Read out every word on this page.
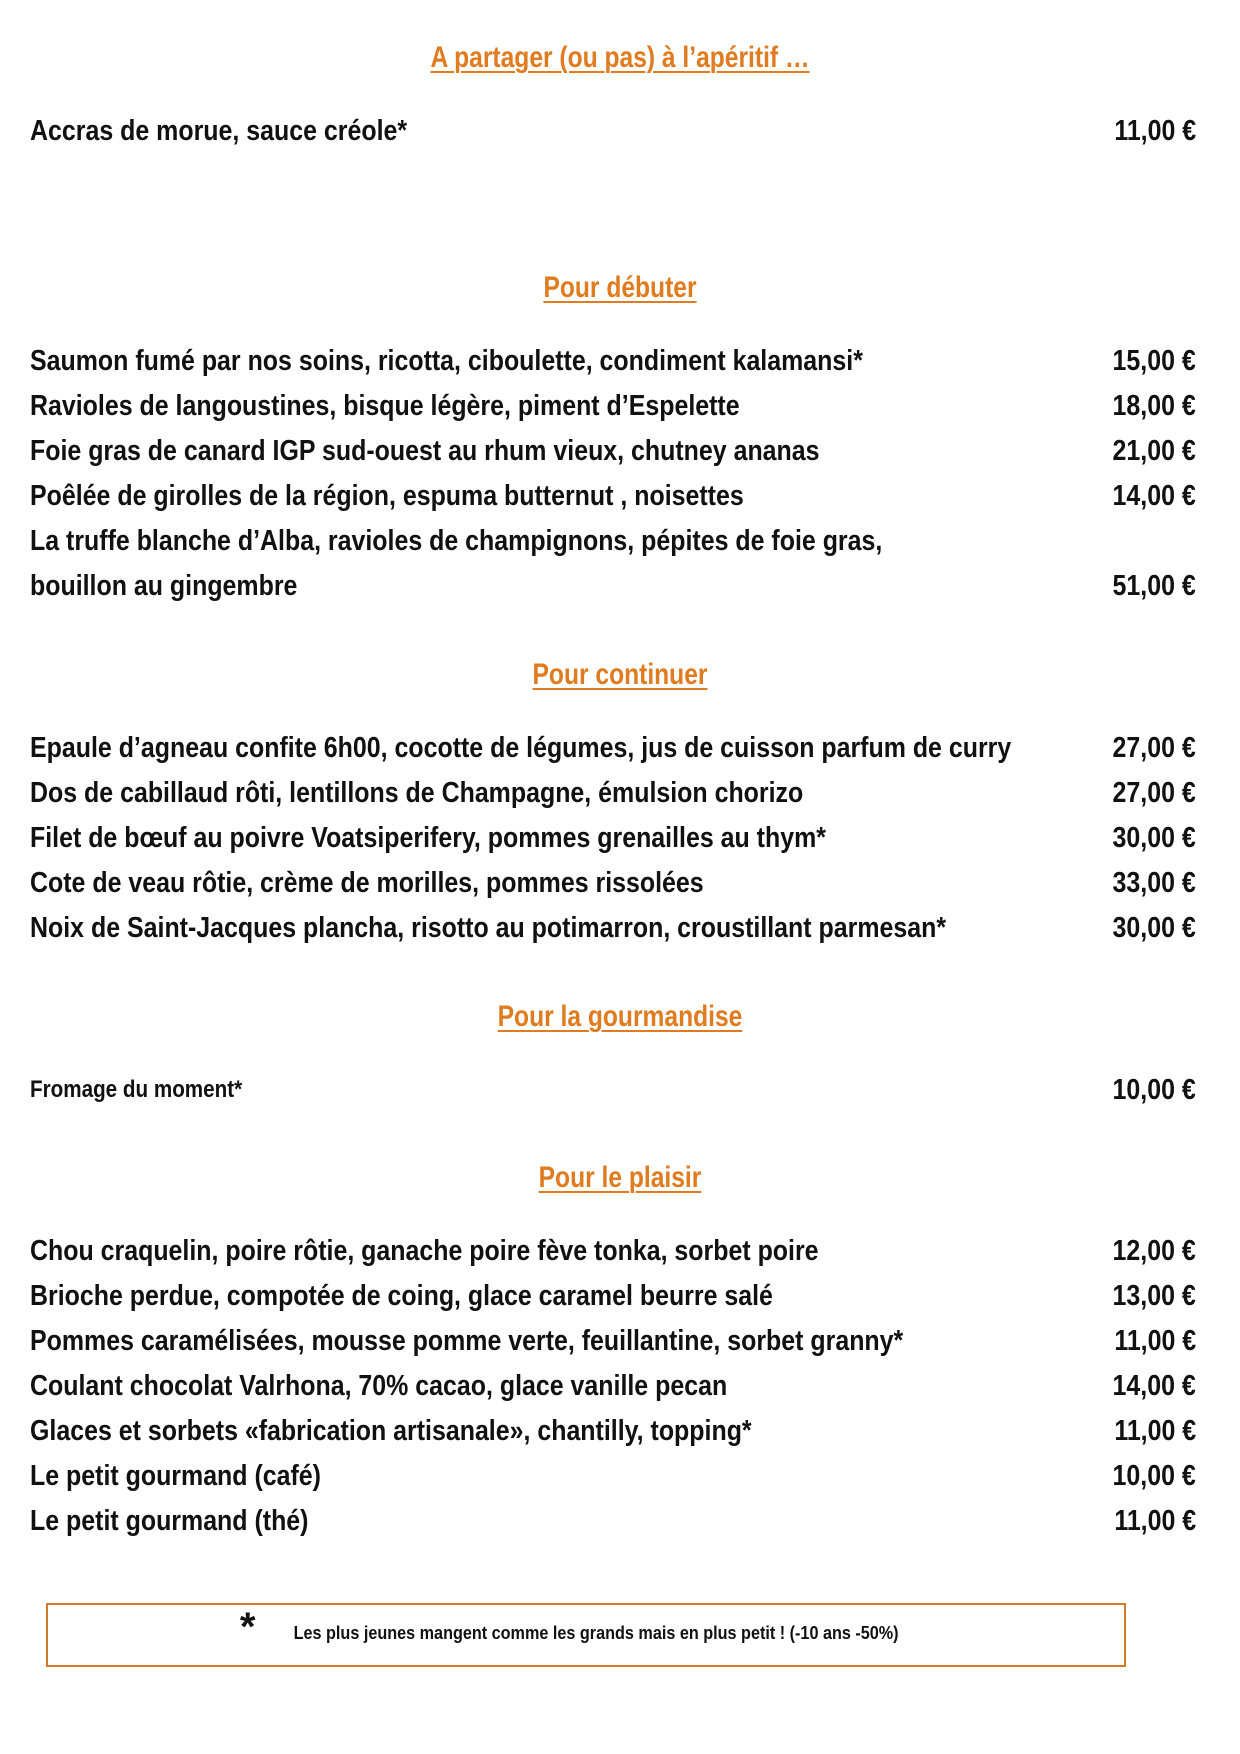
A partager (ou pas) à l’apéritif …
Accras de morue, sauce créole*	11,00 €
Pour débuter
Saumon fumé par nos soins, ricotta, ciboulette, condiment kalamansi*	15,00 €
Ravioles de langoustines, bisque légère, piment d’Espelette	18,00 €
Foie gras de canard IGP sud-ouest au rhum vieux, chutney ananas	21,00 €
Poêlée de girolles de la région, espuma butternut , noisettes	14,00 €
La truffe blanche d’Alba, ravioles de champignons, pépites de foie gras,
bouillon au gingembre	51,00 €
Pour continuer
Epaule d’agneau confite 6h00, cocotte de légumes, jus de cuisson parfum de curry	27,00 €
Dos de cabillaud rôti, lentillons de Champagne, émulsion chorizo	27,00 €
Filet de bœuf au poivre Voatsiperifery, pommes grenailles au thym*	30,00 €
Cote de veau rôtie, crème de morilles, pommes rissolées	33,00 €
Noix de Saint-Jacques plancha, risotto au potimarron, croustillant parmesan*	30,00 €
Pour la gourmandise
Fromage du moment*	10,00 €
Pour le plaisir
Chou craquelin, poire rôtie, ganache poire fève tonka, sorbet poire	12,00 €
Brioche perdue, compotée de coing, glace caramel beurre salé	13,00 €
Pommes caramélisées, mousse pomme verte, feuillantine, sorbet granny*	11,00 €
Coulant chocolat Valrhona, 70% cacao, glace vanille pecan	14,00 €
Glaces et sorbets «fabrication artisanale», chantilly, topping*	11,00 €
Le petit gourmand (café)	10,00 €
Le petit gourmand (thé)	11,00 €
* Les plus jeunes mangent comme les grands mais en plus petit ! (-10 ans -50%)
